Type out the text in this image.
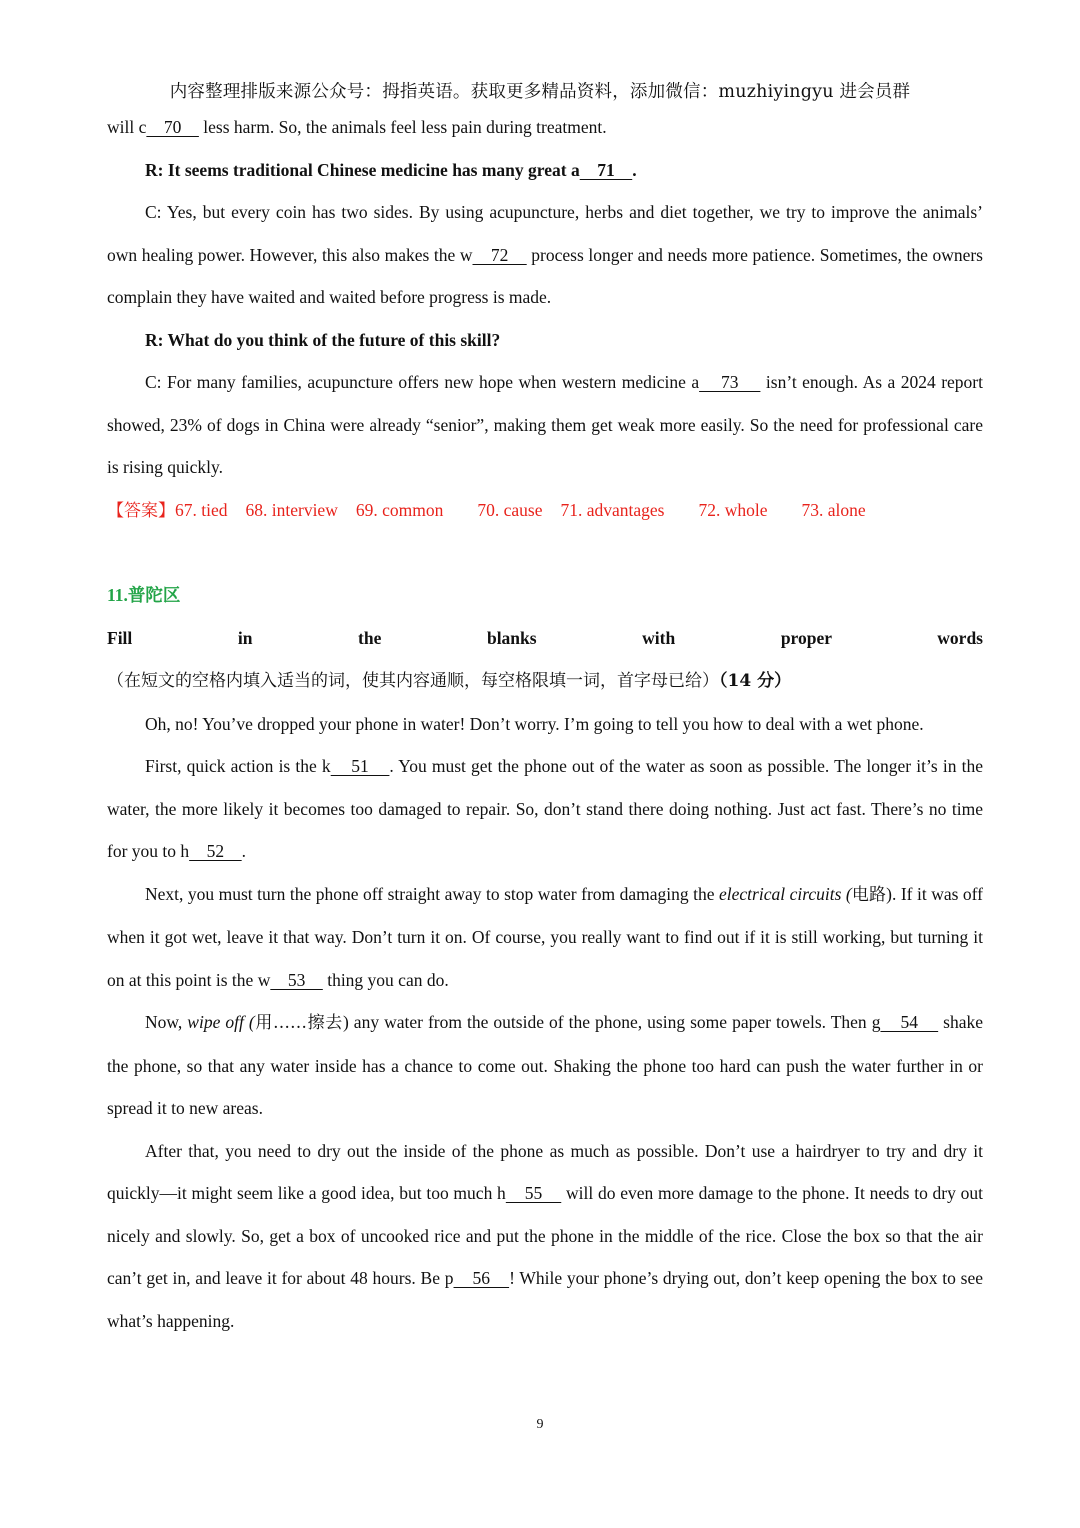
内容整理排版来源公众号：拇指英语。获取更多精品资料，添加微信：muzhiyingyu 进会员群

will c    70     less harm. So, the animals feel less pain during treatment.

R: It seems traditional Chinese medicine has many great a    71    .

C: Yes, but every coin has two sides. By using acupuncture, herbs and diet together, we try to improve the animals’ own healing power. However, this also makes the w    72     process longer and needs more patience. Sometimes, the owners complain they have waited and waited before progress is made.

R: What do you think of the future of this skill?

C: For many families, acupuncture offers new hope when western medicine a    73     isn’t enough. As a 2024 report showed, 23% of dogs in China were already “senior”, making them get weak more easily. So the need for professional care is rising quickly.

【答案】67. tied 68. interview 69. common 70. cause 71. advantages 72. whole 73. alone

11.普陀区

Fill in the blanks with proper words（在短文的空格内填入适当的词，使其内容通顺，每空格限填一词，首字母已给）（14 分）

Oh, no! You’ve dropped your phone in water! Don’t worry. I’m going to tell you how to deal with a wet phone.

First, quick action is the k    51    . You must get the phone out of the water as soon as possible. The longer it’s in the water, the more likely it becomes too damaged to repair. So, don’t stand there doing nothing. Just act fast. There’s no time for you to h    52    .

Next, you must turn the phone off straight away to stop water from damaging the electrical circuits (电路). If it was off when it got wet, leave it that way. Don’t turn it on. Of course, you really want to find out if it is still working, but turning it on at this point is the w    53     thing you can do.

Now, wipe off (用……擦去) any water from the outside of the phone, using some paper towels. Then g    54     shake the phone, so that any water inside has a chance to come out. Shaking the phone too hard can push the water further in or spread it to new areas.

After that, you need to dry out the inside of the phone as much as possible. Don’t use a hairdryer to try and dry it quickly—it might seem like a good idea, but too much h    55     will do even more damage to the phone. It needs to dry out nicely and slowly. So, get a box of uncooked rice and put the phone in the middle of the rice. Close the box so that the air can’t get in, and leave it for about 48 hours. Be p    56    ! While your phone’s drying out, don’t keep opening the box to see what’s happening.

9
